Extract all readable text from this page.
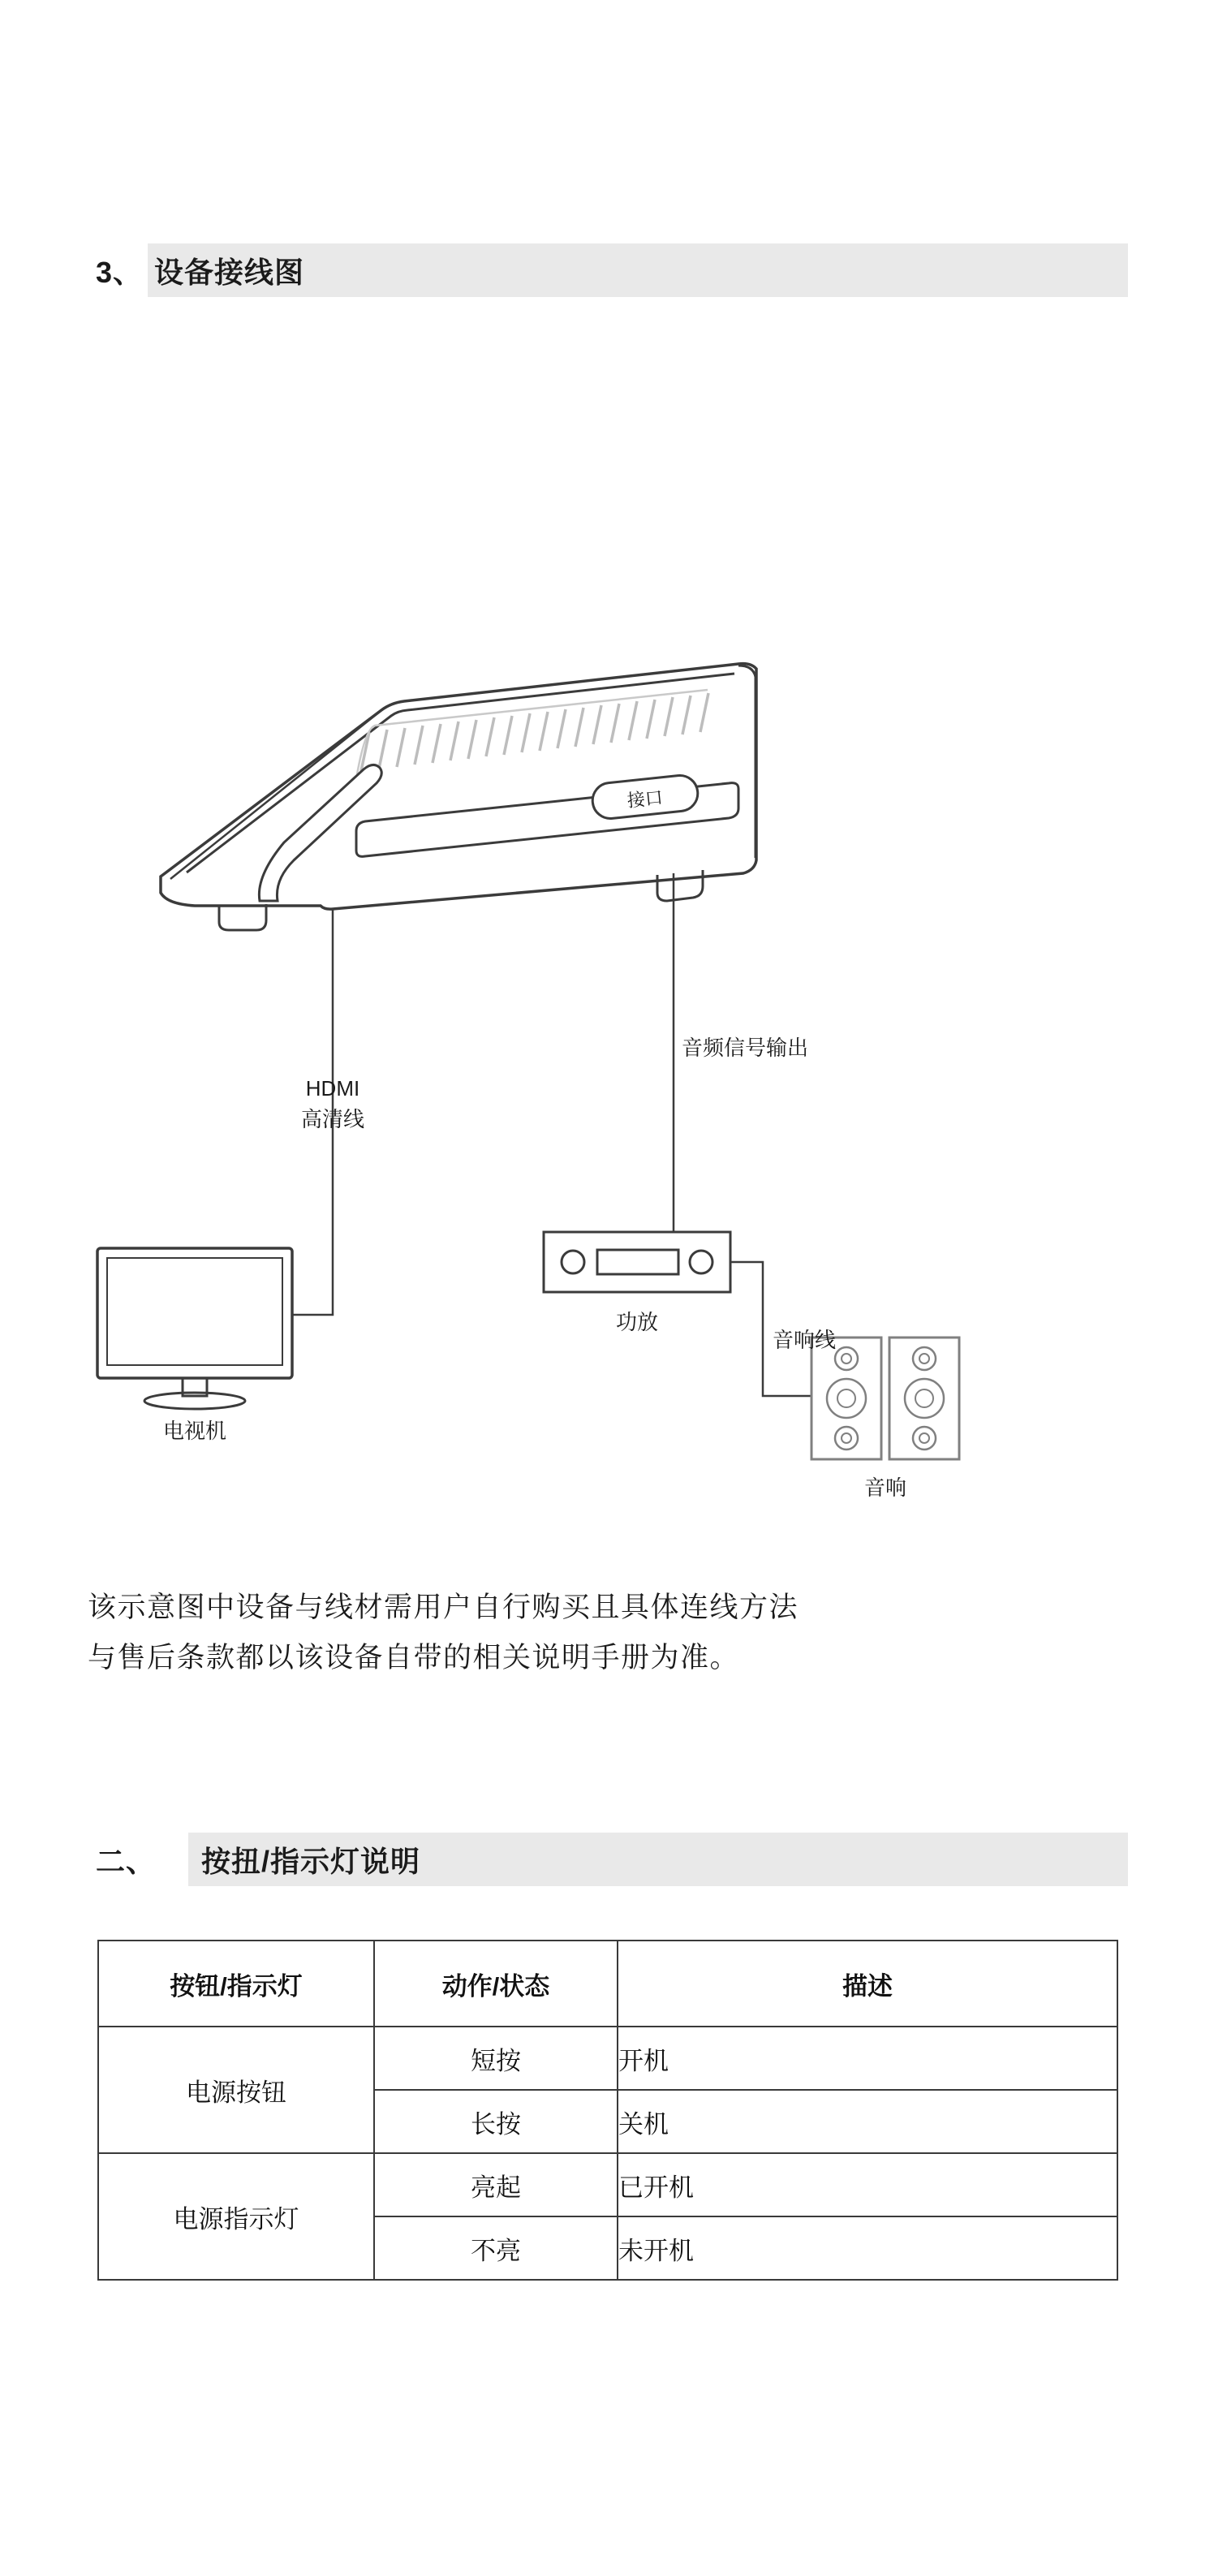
3、 设备接线图
接口
电视机
功放
音响
HDMI
高清线
音频信号输出
音响线
该示意图中设备与线材需用户自行购买且具体连线方法
与售后条款都以该设备自带的相关说明手册为准。
二、 按扭/指示灯说明
按钮/指示灯	动作/状态	描述
电源按钮	短按	开机
	长按	关机
电源指示灯	亮起	已开机
	不亮	未开机
